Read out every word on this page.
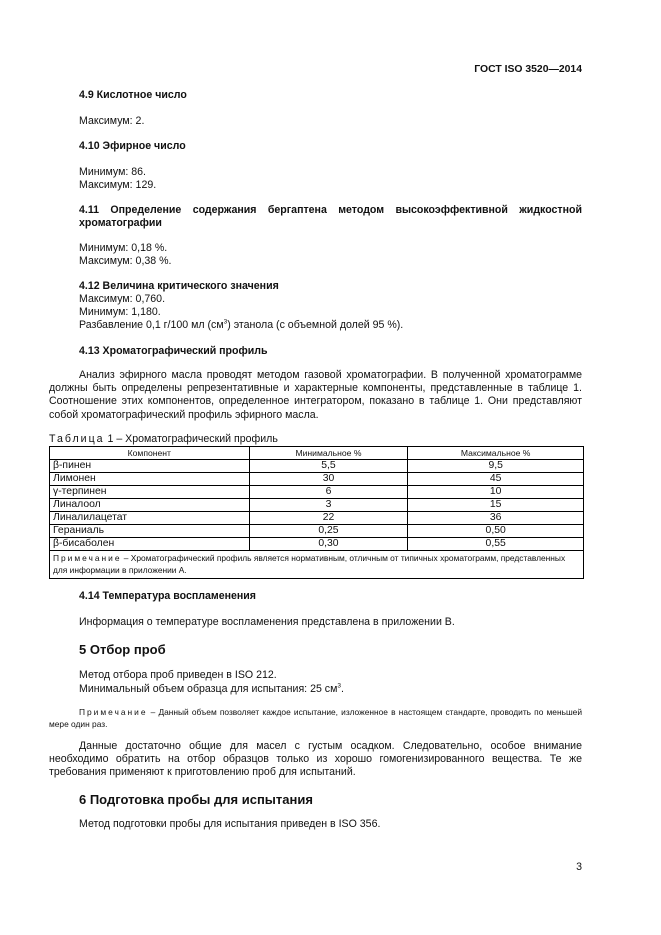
ГОСТ ISO 3520—2014
4.9 Кислотное число
Максимум: 2.
4.10 Эфирное число
Минимум: 86.
Максимум: 129.
4.11 Определение содержания бергаптена методом высокоэффективной жидкостной хроматографии
Минимум: 0,18 %.
Максимум: 0,38 %.
4.12 Величина критического значения
Максимум: 0,760.
Минимум: 1,180.
Разбавление 0,1 г/100 мл $(см^3)$ этанола (с объемной долей 95 %).
4.13 Хроматографический профиль
Анализ эфирного масла проводят методом газовой хроматографии. В полученной хроматограмме должны быть определены репрезентативные и характерные компоненты, представленные в таблице 1. Соотношение этих компонентов, определенное интегратором, показано в таблице 1. Они представляют собой хроматографический профиль эфирного масла.
Таблица 1 – Хроматографический профиль
Компонент	Минимальное %	Максимальное %
β-пинен	5,5	9,5
Лимонен	30	45
γ-терпинен	6	10
Линалоол	3	15
Линалилацетат	22	36
Гераниаль	0,25	0,50
β-бисаболен	0,30	0,55
Примечание – Хроматографический профиль является нормативным, отличным от типичных хроматограмм, представленных для информации в приложении А.		
4.14 Температура воспламенения
Информация о температуре воспламенения представлена в приложении В.
5 Отбор проб
Метод отбора проб приведен в ISO 212.
Минимальный объем образца для испытания: 25 $см^3$.
Примечание – Данный объем позволяет каждое испытание, изложенное в настоящем стандарте, проводить по меньшей мере один раз.
Данные достаточно общие для масел с густым осадком. Следовательно, особое внимание необходимо обратить на отбор образцов только из хорошо гомогенизированного вещества. Те же требования применяют к приготовлению проб для испытаний.
6 Подготовка пробы для испытания
Метод подготовки пробы для испытания приведен в ISO 356.
3
